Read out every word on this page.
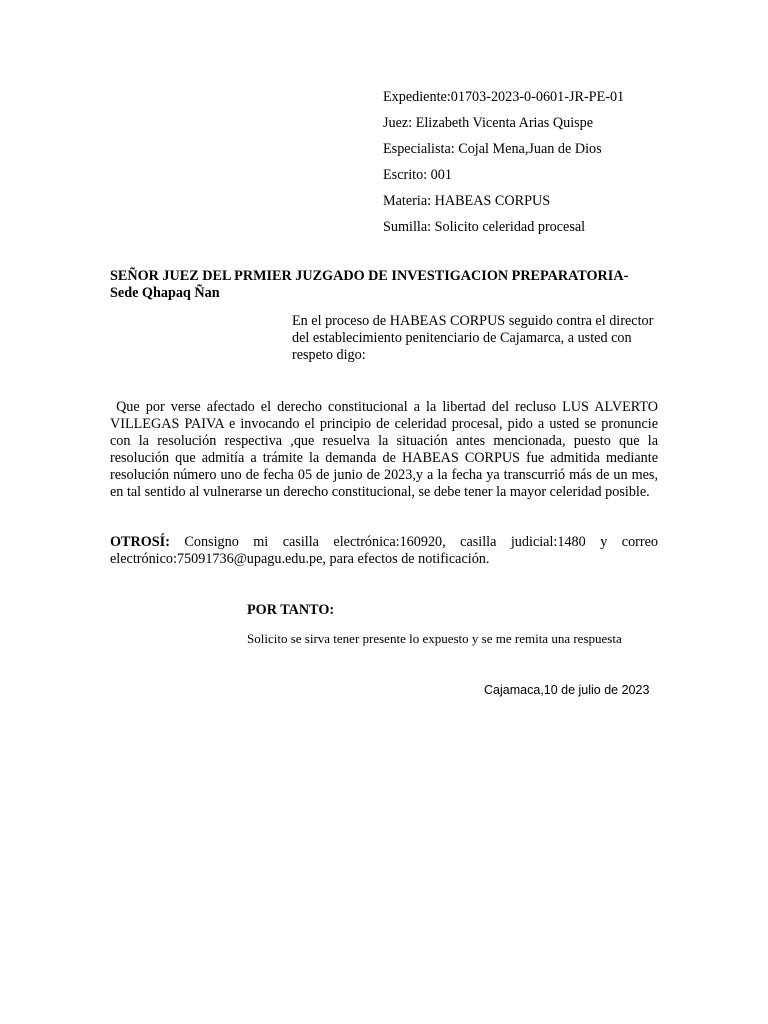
Expediente:01703-2023-0-0601-JR-PE-01
Juez: Elizabeth Vicenta Arias Quispe
Especialista: Cojal Mena,Juan de Dios
Escrito: 001
Materia: HABEAS CORPUS
Sumilla: Solicito celeridad procesal
SEÑOR JUEZ DEL PRMIER JUZGADO DE INVESTIGACION PREPARATORIA-
Sede Qhapaq Ñan
En el proceso de HABEAS CORPUS seguido contra el director del establecimiento penitenciario de Cajamarca, a usted con respeto digo:
Que por verse afectado el derecho constitucional a la libertad del recluso LUS ALVERTO VILLEGAS PAIVA e invocando el principio de celeridad procesal, pido a usted se pronuncie con la resolución respectiva ,que resuelva la situación antes mencionada, puesto que la resolución que admitía a trámite la demanda de HABEAS CORPUS fue admitida mediante resolución número uno de fecha 05 de junio de 2023,y a la fecha ya transcurrió más de un mes, en tal sentido al vulnerarse un derecho constitucional, se debe tener la mayor celeridad posible.
OTROSÍ: Consigno mi casilla electrónica:160920, casilla judicial:1480 y correo electrónico:75091736@upagu.edu.pe, para efectos de notificación.
POR TANTO:
Solicito se sirva tener presente lo expuesto y se me remita una respuesta
Cajamaca,10 de julio de 2023
